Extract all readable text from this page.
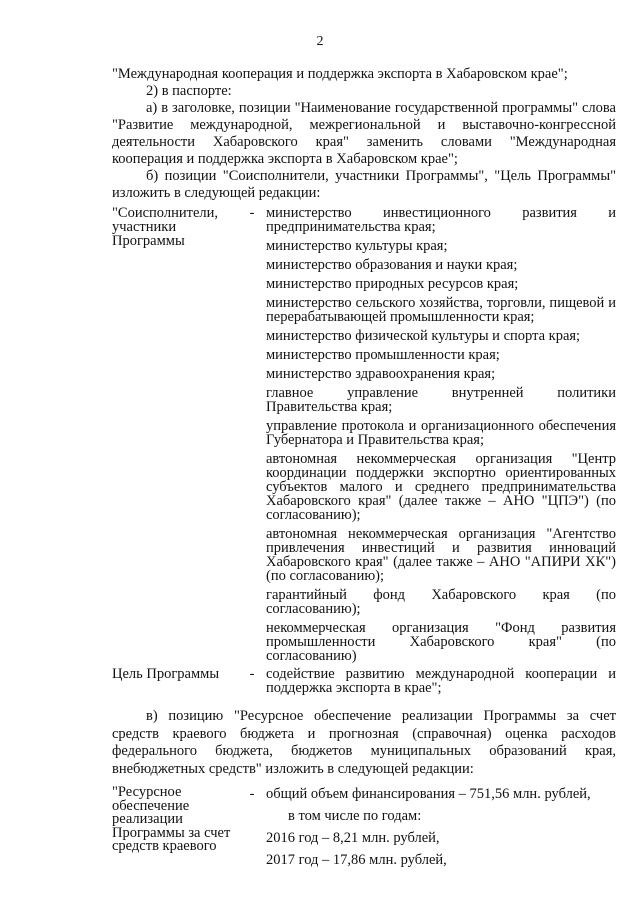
2

"Международная кооперация и поддержка экспорта в Хабаровском крае";

2) в паспорте:

а) в заголовке, позиции "Наименование государственной программы" слова "Развитие международной, межрегиональной и выставочно-конгрессной деятельности Хабаровского края" заменить словами "Международная кооперация и поддержка экспорта в Хабаровском крае";

б) позиции "Соисполнители, участники Программы", "Цель Программы" изложить в следующей редакции:

"Соисполнители, участники Программы
- министерство инвестиционного развития и предпринимательства края;
министерство культуры края;
министерство образования и науки края;
министерство природных ресурсов края;
министерство сельского хозяйства, торговли, пищевой и перерабатывающей промышленности края;
министерство физической культуры и спорта края;
министерство промышленности края;
министерство здравоохранения края;
главное управление внутренней политики Правительства края;
управление протокола и организационного обеспечения Губернатора и Правительства края;
автономная некоммерческая организация "Центр координации поддержки экспортно ориентированных субъектов малого и среднего предпринимательства Хабаровского края" (далее также – АНО "ЦПЭ") (по согласованию);
автономная некоммерческая организация "Агентство привлечения инвестиций и развития инноваций Хабаровского края" (далее также – АНО "АПИРИ ХК") (по согласованию);
гарантийный фонд Хабаровского края (по согласованию);
некоммерческая организация "Фонд развития промышленности Хабаровского края" (по согласованию)
Цель Программы	- содействие развитию международной кооперации и поддержка экспорта в крае";

в) позицию "Ресурсное обеспечение реализации Программы за счет средств краевого бюджета и прогнозная (справочная) оценка расходов федерального бюджета, бюджетов муниципальных образований края, внебюджетных средств" изложить в следующей редакции:

"Ресурсное обеспечение реализации Программы за счет средств краевого
- общий объем финансирования – 751,56 млн. рублей,
в том числе по годам:
2016 год – 8,21 млн. рублей,
2017 год – 17,86 млн. рублей,
